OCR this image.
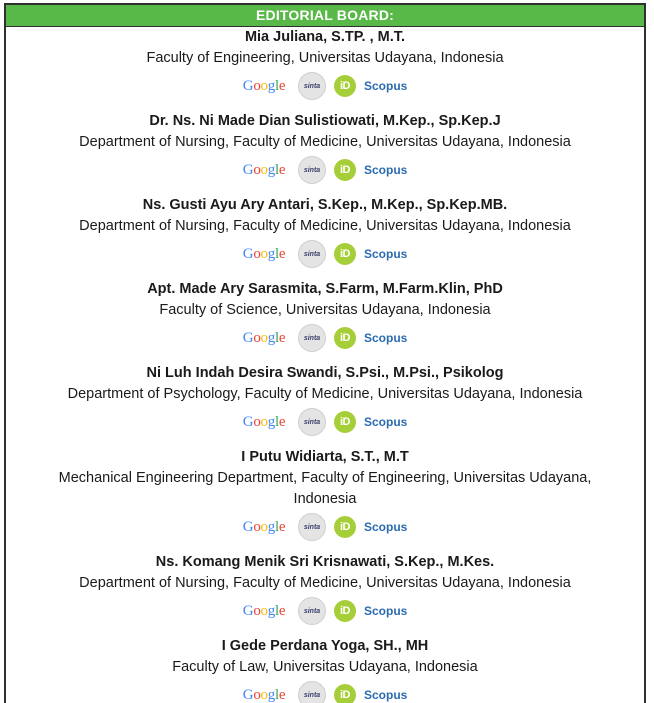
EDITORIAL BOARD:
Mia Juliana, S.TP. , M.T.
Faculty of Engineering, Universitas Udayana, Indonesia
Google	sinta	iD	Scopus
Dr. Ns. Ni Made Dian Sulistiowati, M.Kep., Sp.Kep.J
Department of Nursing, Faculty of Medicine, Universitas Udayana, Indonesia
Google	sinta	iD	Scopus
Ns. Gusti Ayu Ary Antari, S.Kep., M.Kep., Sp.Kep.MB.
Department of Nursing, Faculty of Medicine, Universitas Udayana, Indonesia
Google	sinta	iD	Scopus
Apt. Made Ary Sarasmita, S.Farm, M.Farm.Klin, PhD
Faculty of Science, Universitas Udayana, Indonesia
Google	sinta	iD	Scopus
Ni Luh Indah Desira Swandi, S.Psi., M.Psi., Psikolog
Department of Psychology, Faculty of Medicine, Universitas Udayana, Indonesia
Google	sinta	iD	Scopus
I Putu Widiarta, S.T., M.T
Mechanical Engineering Department, Faculty of Engineering, Universitas Udayana, Indonesia
Google	sinta	iD	Scopus
Ns. Komang Menik Sri Krisnawati, S.Kep., M.Kes.
Department of Nursing, Faculty of Medicine, Universitas Udayana, Indonesia
Google	sinta	iD	Scopus
I Gede Perdana Yoga, SH., MH
Faculty of Law, Universitas Udayana, Indonesia
Google	sinta	iD	Scopus
